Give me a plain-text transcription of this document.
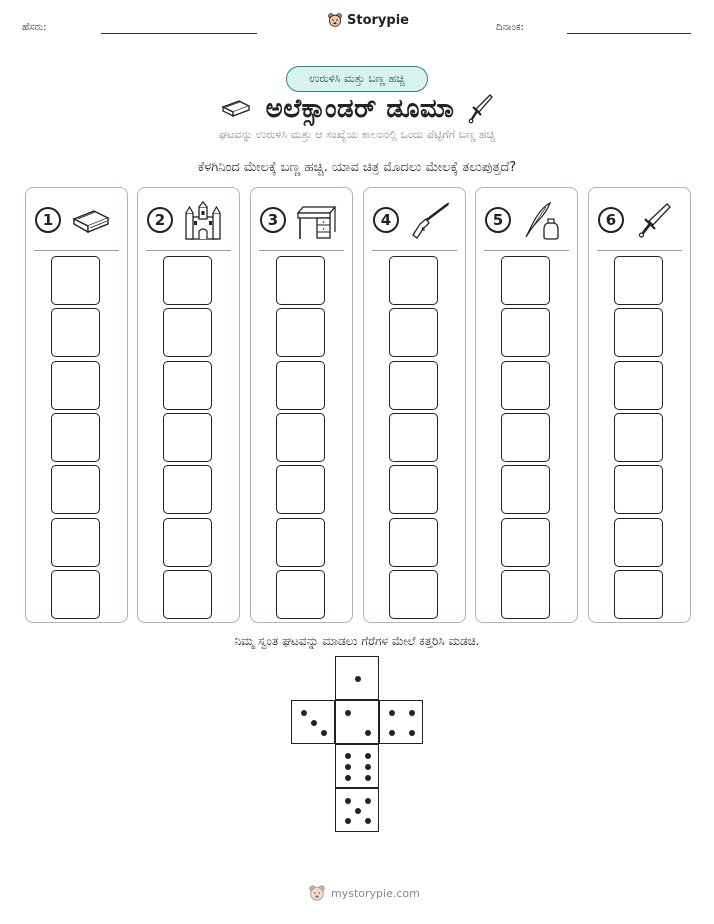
ಹೆಸರು:	Storypie	ದಿನಾಂಕ:
ಉರುಳಿಸಿ ಮತ್ತು ಬಣ್ಣ ಹಚ್ಚಿ
ಅಲೆಕ್ಸಾಂಡರ್ ಡೂಮಾ
ಘಟವನ್ನು ಉರುಳಿಸಿ ಮತ್ತು ಆ ಸಂಖ್ಯೆಯ ಕಾಲಂನಲ್ಲಿ ಒಂದು ಪೆಟ್ಟಿಗೆಗೆ ಬಣ್ಣ ಹಚ್ಚಿ
ಕೆಳಗಿನಿಂದ ಮೇಲಕ್ಕೆ ಬಣ್ಣ ಹಚ್ಚಿ. ಯಾವ ಚಿತ್ರ ಮೊದಲು ಮೇಲಕ್ಕೆ ತಲುಪುತ್ತದೆ?
1	2	3	4	5	6
ನಿಮ್ಮ ಸ್ವಂತ ಘಟವನ್ನು ಮಾಡಲು ಗೆರೆಗಳ ಮೇಲೆ ಕತ್ತರಿಸಿ ಮಡಚಿ.
mystorypie.com
